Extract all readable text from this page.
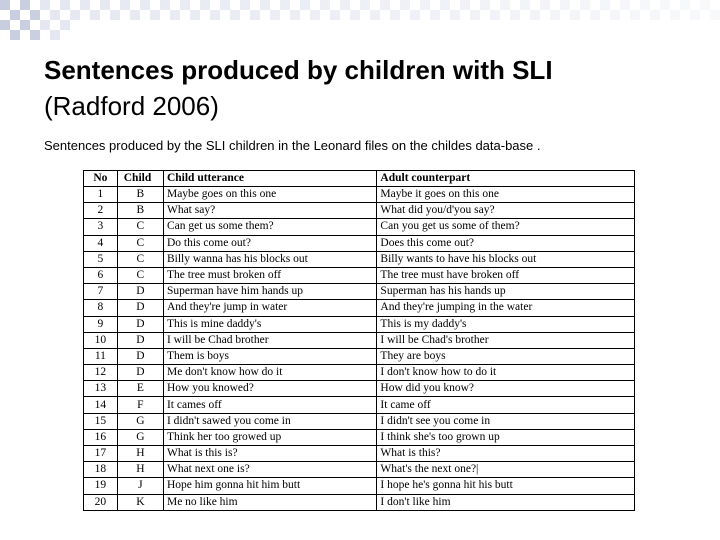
Sentences produced by children with SLI
(Radford 2006)
Sentences produced by the SLI children in the Leonard files on the childes data-base .
No	Child	Child utterance	Adult counterpart
1	B	Maybe goes on this one	Maybe it goes on this one
2	B	What say?	What did you/d'you say?
3	C	Can get us some them?	Can you get us some of them?
4	C	Do this come out?	Does this come out?
5	C	Billy wanna has his blocks out	Billy wants to have his blocks out
6	C	The tree must broken off	The tree must have broken off
7	D	Superman have him hands up	Superman has his hands up
8	D	And they're jump in water	And they're jumping in the water
9	D	This is mine daddy's	This is my daddy's
10	D	I will be Chad brother	I will be Chad's brother
11	D	Them is boys	They are boys
12	D	Me don't know how do it	I don't know how to do it
13	E	How you knowed?	How did you know?
14	F	It cames off	It came off
15	G	I didn't sawed you come in	I didn't see you come in
16	G	Think her too growed up	I think she's too grown up
17	H	What is this is?	What is this?
18	H	What next one is?	What's the next one?|
19	J	Hope him gonna hit him butt	I hope he's gonna hit his butt
20	K	Me no like him	I don't like him
